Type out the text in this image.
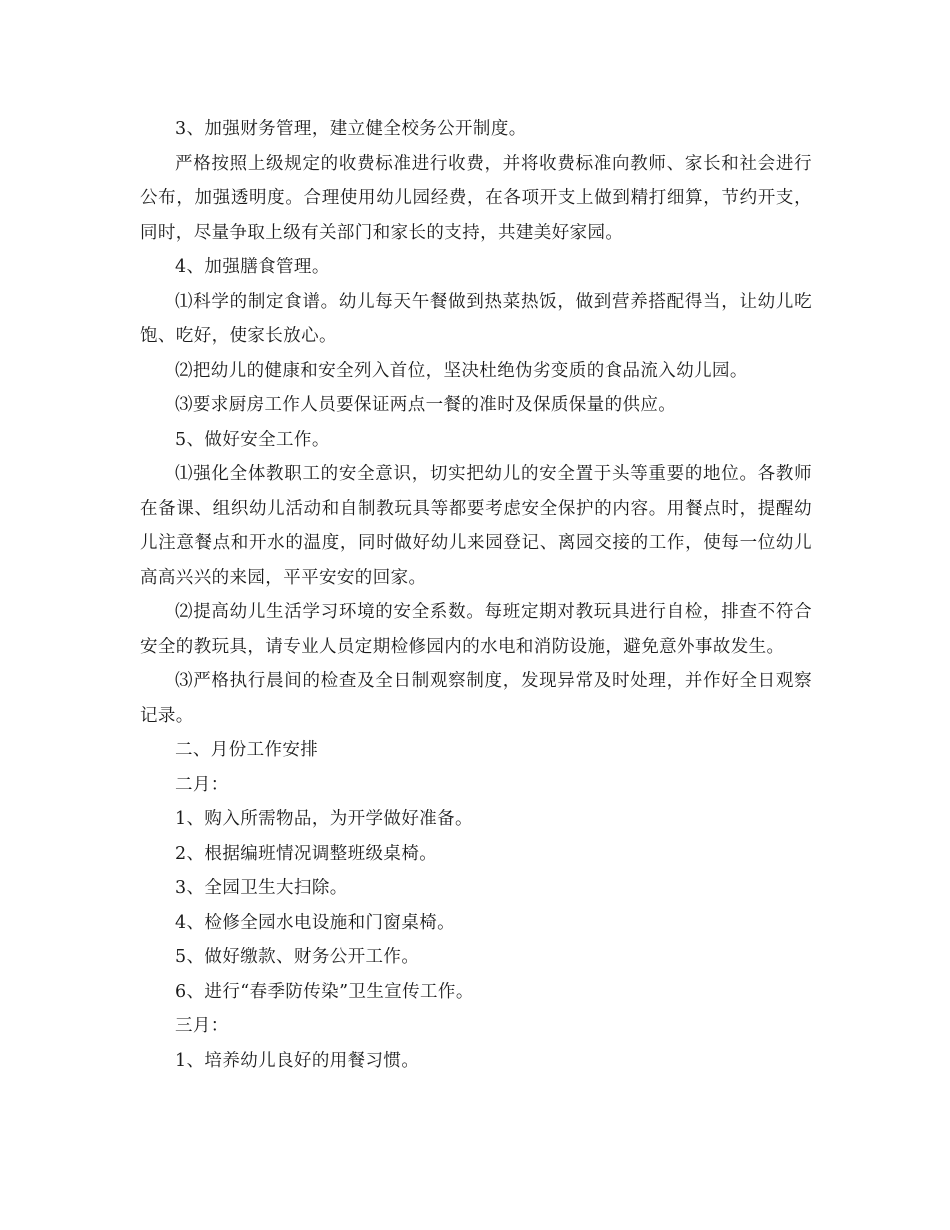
3、加强财务管理，建立健全校务公开制度。

严格按照上级规定的收费标准进行收费，并将收费标准向教师、家长和社会进行公布，加强透明度。合理使用幼儿园经费，在各项开支上做到精打细算，节约开支，同时，尽量争取上级有关部门和家长的支持，共建美好家园。

4、加强膳食管理。

⑴科学的制定食谱。幼儿每天午餐做到热菜热饭，做到营养搭配得当，让幼儿吃饱、吃好，使家长放心。

⑵把幼儿的健康和安全列入首位，坚决杜绝伪劣变质的食品流入幼儿园。

⑶要求厨房工作人员要保证两点一餐的准时及保质保量的供应。

5、做好安全工作。

⑴强化全体教职工的安全意识，切实把幼儿的安全置于头等重要的地位。各教师在备课、组织幼儿活动和自制教玩具等都要考虑安全保护的内容。用餐点时，提醒幼儿注意餐点和开水的温度，同时做好幼儿来园登记、离园交接的工作，使每一位幼儿高高兴兴的来园，平平安安的回家。

⑵提高幼儿生活学习环境的安全系数。每班定期对教玩具进行自检，排查不符合安全的教玩具，请专业人员定期检修园内的水电和消防设施，避免意外事故发生。

⑶严格执行晨间的检查及全日制观察制度，发现异常及时处理，并作好全日观察记录。

二、月份工作安排

二月：

1、购入所需物品，为开学做好准备。

2、根据编班情况调整班级桌椅。

3、全园卫生大扫除。

4、检修全园水电设施和门窗桌椅。

5、做好缴款、财务公开工作。

6、进行“春季防传染”卫生宣传工作。

三月：

1、培养幼儿良好的用餐习惯。
